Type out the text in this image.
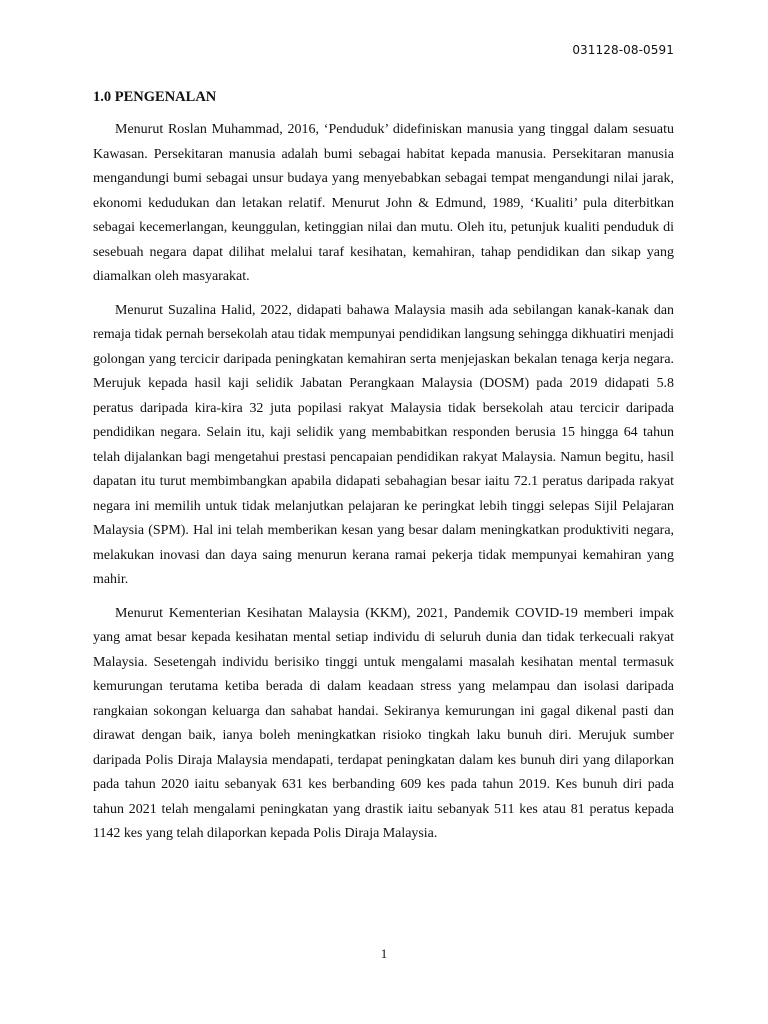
031128-08-0591
1.0 PENGENALAN

Menurut Roslan Muhammad, 2016, ‘Penduduk’ didefiniskan manusia yang tinggal dalam sesuatu Kawasan. Persekitaran manusia adalah bumi sebagai habitat kepada manusia. Persekitaran manusia mengandungi bumi sebagai unsur budaya yang menyebabkan sebagai tempat mengandungi nilai jarak, ekonomi kedudukan dan letakan relatif. Menurut John & Edmund, 1989, ‘Kualiti’ pula diterbitkan sebagai kecemerlangan, keunggulan, ketinggian nilai dan mutu. Oleh itu, petunjuk kualiti penduduk di sesebuah negara dapat dilihat melalui taraf kesihatan, kemahiran, tahap pendidikan dan sikap yang diamalkan oleh masyarakat.

Menurut Suzalina Halid, 2022, didapati bahawa Malaysia masih ada sebilangan kanak-kanak dan remaja tidak pernah bersekolah atau tidak mempunyai pendidikan langsung sehingga dikhuatiri menjadi golongan yang tercicir daripada peningkatan kemahiran serta menjejaskan bekalan tenaga kerja negara. Merujuk kepada hasil kaji selidik Jabatan Perangkaan Malaysia (DOSM) pada 2019 didapati 5.8 peratus daripada kira-kira 32 juta popilasi rakyat Malaysia tidak bersekolah atau tercicir daripada pendidikan negara. Selain itu, kaji selidik yang membabitkan responden berusia 15 hingga 64 tahun telah dijalankan bagi mengetahui prestasi pencapaian pendidikan rakyat Malaysia. Namun begitu, hasil dapatan itu turut membimbangkan apabila didapati sebahagian besar iaitu 72.1 peratus daripada rakyat negara ini memilih untuk tidak melanjutkan pelajaran ke peringkat lebih tinggi selepas Sijil Pelajaran Malaysia (SPM). Hal ini telah memberikan kesan yang besar dalam meningkatkan produktiviti negara, melakukan inovasi dan daya saing menurun kerana ramai pekerja tidak mempunyai kemahiran yang mahir.

Menurut Kementerian Kesihatan Malaysia (KKM), 2021, Pandemik COVID-19 memberi impak yang amat besar kepada kesihatan mental setiap individu di seluruh dunia dan tidak terkecuali rakyat Malaysia. Sesetengah individu berisiko tinggi untuk mengalami masalah kesihatan mental termasuk kemurungan terutama ketiba berada di dalam keadaan stress yang melampau dan isolasi daripada rangkaian sokongan keluarga dan sahabat handai. Sekiranya kemurungan ini gagal dikenal pasti dan dirawat dengan baik, ianya boleh meningkatkan risioko tingkah laku bunuh diri. Merujuk sumber daripada Polis Diraja Malaysia mendapati, terdapat peningkatan dalam kes bunuh diri yang dilaporkan pada tahun 2020 iaitu sebanyak 631 kes berbanding 609 kes pada tahun 2019. Kes bunuh diri pada tahun 2021 telah mengalami peningkatan yang drastik iaitu sebanyak 511 kes atau 81 peratus kepada 1142 kes yang telah dilaporkan kepada Polis Diraja Malaysia.

1
